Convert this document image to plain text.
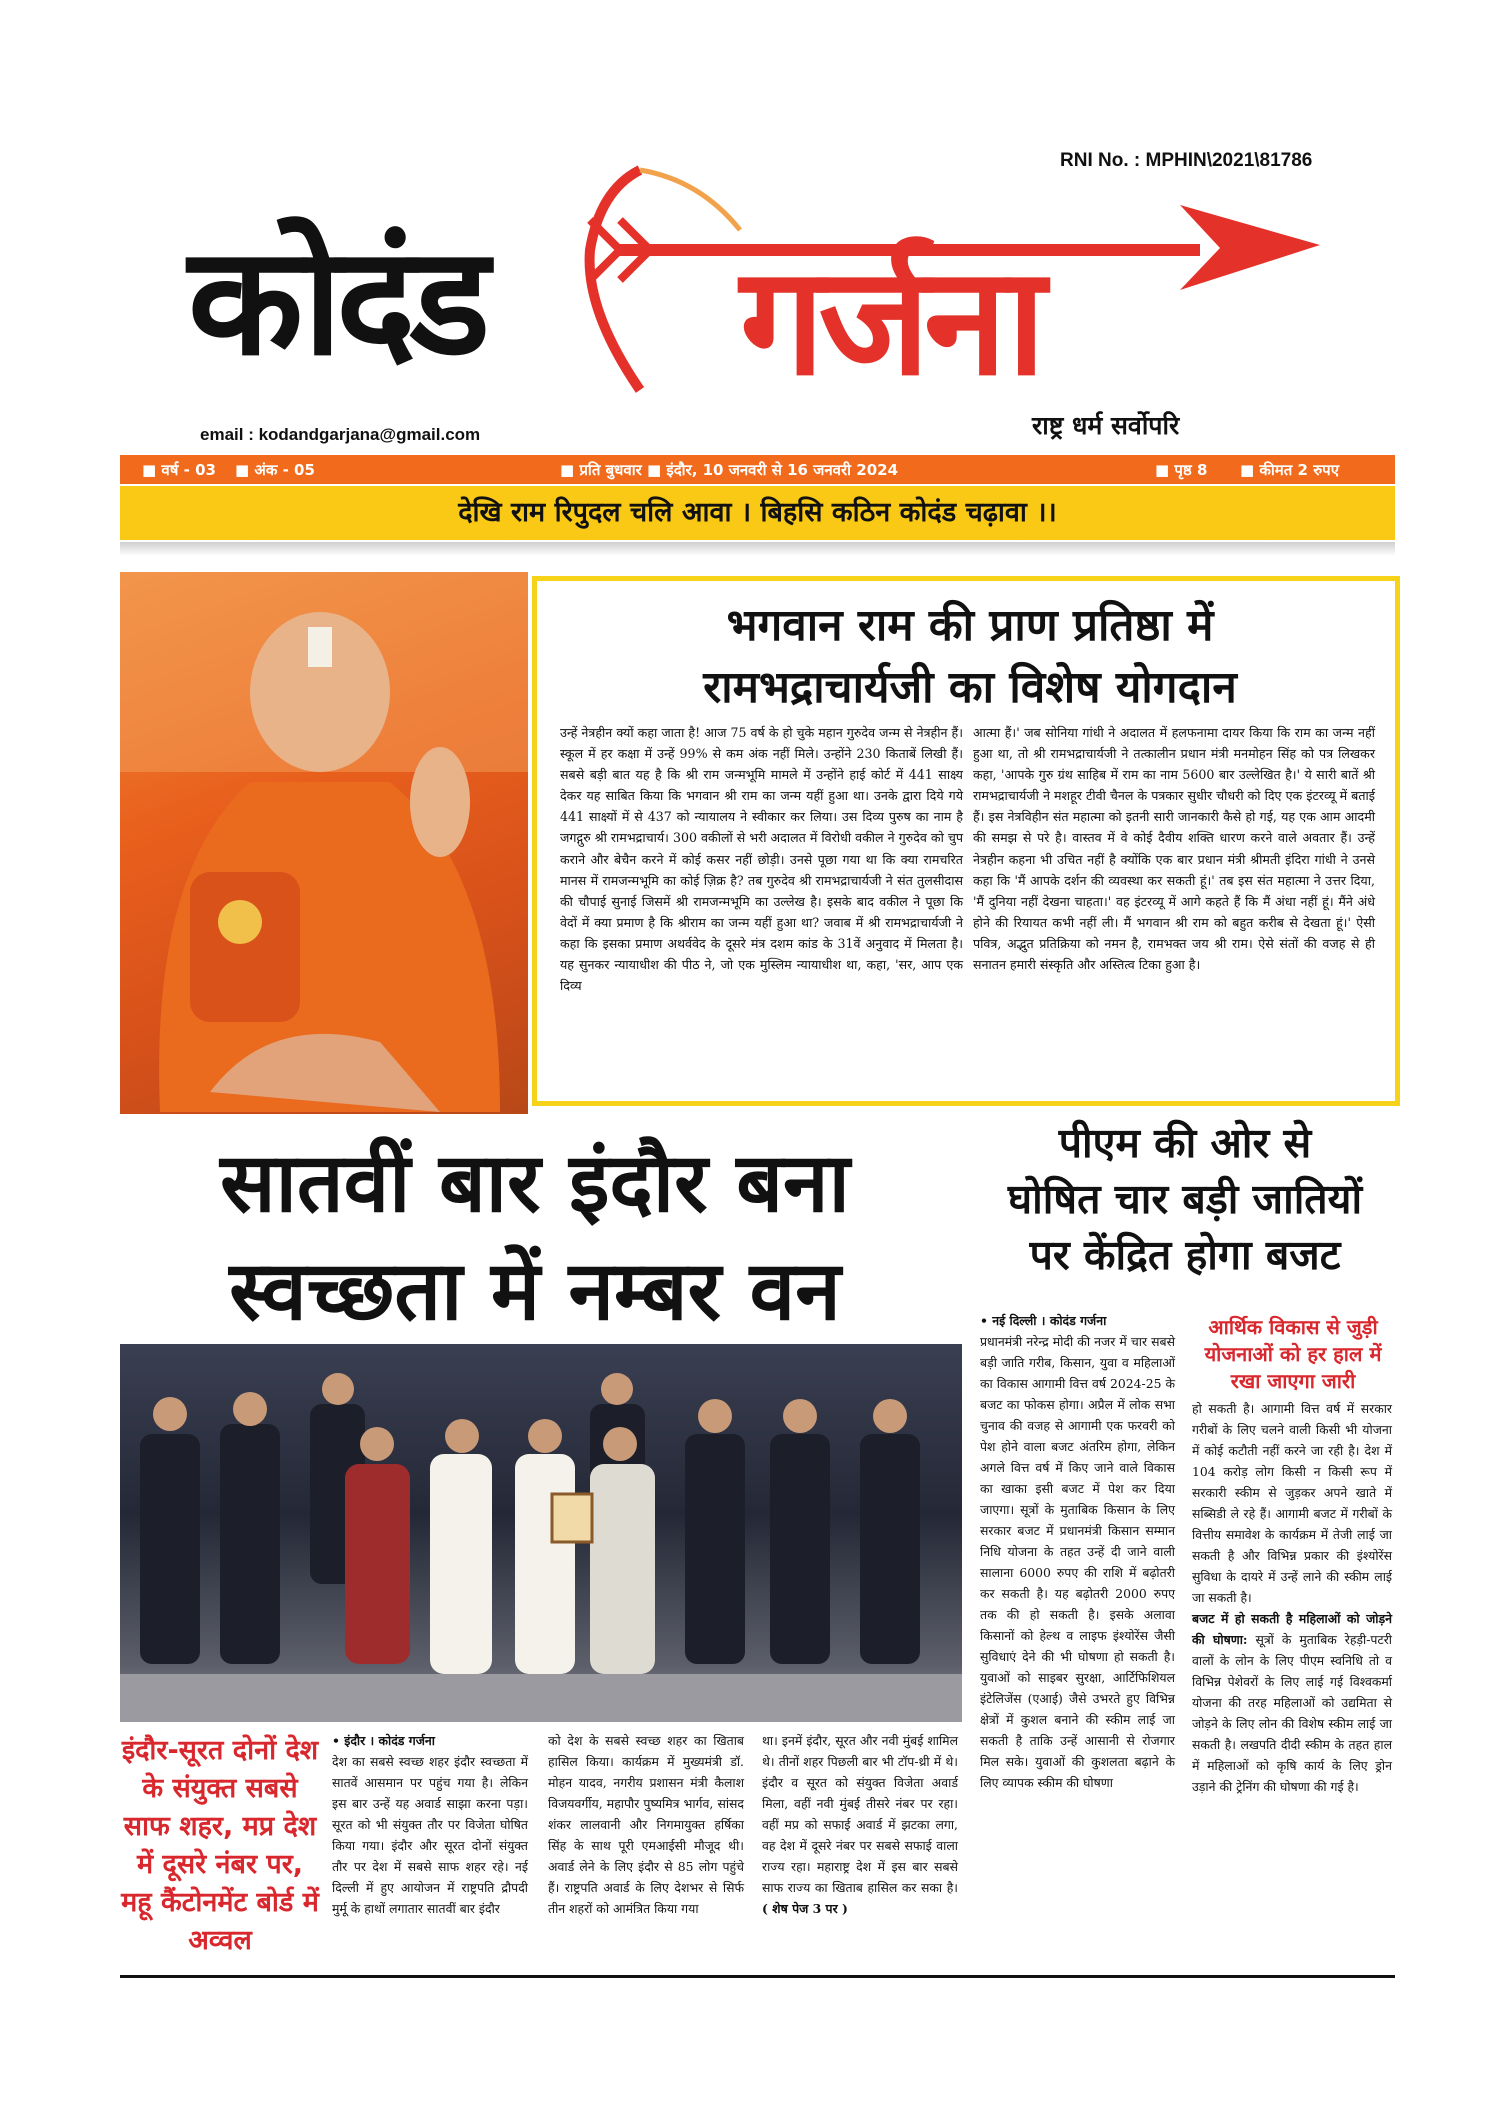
RNI No. : MPHIN\2021\81786
कोदंड गर्जना
राष्ट्र धर्म सर्वोपरि
email : kodandgarjana@gmail.com
■ वर्ष - 03 ■ अंक - 05	■ प्रति बुधवार ■ इंदौर, 10 जनवरी से 16 जनवरी 2024	■ पृष्ठ 8 ■ कीमत 2 रुपए
देखि राम रिपुदल चलि आवा । बिहसि कठिन कोदंड चढ़ावा ।।
भगवान राम की प्राण प्रतिष्ठा में
रामभद्राचार्यजी का विशेष योगदान
उन्हें नेत्रहीन क्यों कहा जाता है! आज 75 वर्ष के हो चुके महान गुरुदेव जन्म से नेत्रहीन हैं। स्कूल में हर कक्षा में उन्हें 99% से कम अंक नहीं मिले। उन्होंने 230 किताबें लिखी हैं। सबसे बड़ी बात यह है कि श्री राम जन्मभूमि मामले में उन्होंने हाई कोर्ट में 441 साक्ष्य देकर यह साबित किया कि भगवान श्री राम का जन्म यहीं हुआ था। उनके द्वारा दिये गये 441 साक्ष्यों में से 437 को न्यायालय ने स्वीकार कर लिया। उस दिव्य पुरुष का नाम है जगद्गुरु श्री रामभद्राचार्य। 300 वकीलों से भरी अदालत में विरोधी वकील ने गुरुदेव को चुप कराने और बेचैन करने में कोई कसर नहीं छोड़ी। उनसे पूछा गया था कि क्या रामचरित मानस में रामजन्मभूमि का कोई ज़िक्र है? तब गुरुदेव श्री रामभद्राचार्यजी ने संत तुलसीदास की चौपाई सुनाई जिसमें श्री रामजन्मभूमि का उल्लेख है। इसके बाद वकील ने पूछा कि वेदों में क्या प्रमाण है कि श्रीराम का जन्म यहीं हुआ था? जवाब में श्री रामभद्राचार्यजी ने कहा कि इसका प्रमाण अथर्ववेद के दूसरे मंत्र दशम कांड के 31वें अनुवाद में मिलता है। यह सुनकर न्यायाधीश की पीठ ने, जो एक मुस्लिम न्यायाधीश था, कहा, 'सर, आप एक दिव्य
आत्मा हैं।' जब सोनिया गांधी ने अदालत में हलफनामा दायर किया कि राम का जन्म नहीं हुआ था, तो श्री रामभद्राचार्यजी ने तत्कालीन प्रधान मंत्री मनमोहन सिंह को पत्र लिखकर कहा, 'आपके गुरु ग्रंथ साहिब में राम का नाम 5600 बार उल्लेखित है।' ये सारी बातें श्री रामभद्राचार्यजी ने मशहूर टीवी चैनल के पत्रकार सुधीर चौधरी को दिए एक इंटरव्यू में बताई हैं। इस नेत्रविहीन संत महात्मा को इतनी सारी जानकारी कैसे हो गई, यह एक आम आदमी की समझ से परे है। वास्तव में वे कोई दैवीय शक्ति धारण करने वाले अवतार हैं। उन्हें नेत्रहीन कहना भी उचित नहीं है क्योंकि एक बार प्रधान मंत्री श्रीमती इंदिरा गांधी ने उनसे कहा कि 'मैं आपके दर्शन की व्यवस्था कर सकती हूं।' तब इस संत महात्मा ने उत्तर दिया, 'मैं दुनिया नहीं देखना चाहता।' वह इंटरव्यू में आगे कहते हैं कि मैं अंधा नहीं हूं। मैंने अंधे होने की रियायत कभी नहीं ली। मैं भगवान श्री राम को बहुत करीब से देखता हूं।' ऐसी पवित्र, अद्भुत प्रतिक्रिया को नमन है, रामभक्त जय श्री राम। ऐसे संतों की वजह से ही सनातन हमारी संस्कृति और अस्तित्व टिका हुआ है।
सातवीं बार इंदौर बना
स्वच्छता में नम्बर वन
इंदौर-सूरत दोनों देश के संयुक्त सबसे साफ शहर, मप्र देश में दूसरे नंबर पर, महू कैंटोनमेंट बोर्ड में अव्वल
• इंदौर । कोदंड गर्जना
देश का सबसे स्वच्छ शहर इंदौर स्वच्छता में सातवें आसमान पर पहुंच गया है। लेकिन इस बार उन्हें यह अवार्ड साझा करना पड़ा। सूरत को भी संयुक्त तौर पर विजेता घोषित किया गया। इंदौर और सूरत दोनों संयुक्त तौर पर देश में सबसे साफ शहर रहे। नई दिल्ली में हुए आयोजन में राष्ट्रपति द्रौपदी मुर्मू के हाथों लगातार सातवीं बार इंदौर
को देश के सबसे स्वच्छ शहर का खिताब हासिल किया। कार्यक्रम में मुख्यमंत्री डॉ. मोहन यादव, नगरीय प्रशासन मंत्री कैलाश विजयवर्गीय, महापौर पुष्यमित्र भार्गव, सांसद शंकर लालवानी और निगमायुक्त हर्षिका सिंह के साथ पूरी एमआईसी मौजूद थी। अवार्ड लेने के लिए इंदौर से 85 लोग पहुंचे हैं। राष्ट्रपति अवार्ड के लिए देशभर से सिर्फ तीन शहरों को आमंत्रित किया गया
था। इनमें इंदौर, सूरत और नवी मुंबई शामिल थे। तीनों शहर पिछली बार भी टॉप-थ्री में थे। इंदौर व सूरत को संयुक्त विजेता अवार्ड मिला, वहीं नवी मुंबई तीसरे नंबर पर रहा। वहीं मप्र को सफाई अवार्ड में झटका लगा, वह देश में दूसरे नंबर पर सबसे सफाई वाला राज्य रहा। महाराष्ट्र देश में इस बार सबसे साफ राज्य का खिताब हासिल कर सका है। ( शेष पेज 3 पर )
पीएम की ओर से
घोषित चार बड़ी जातियों
पर केंद्रित होगा बजट
• नई दिल्ली । कोदंड गर्जना
प्रधानमंत्री नरेन्द्र मोदी की नजर में चार सबसे बड़ी जाति गरीब, किसान, युवा व महिलाओं का विकास आगामी वित्त वर्ष 2024-25 के बजट का फोकस होगा। अप्रैल में लोक सभा चुनाव की वजह से आगामी एक फरवरी को पेश होने वाला बजट अंतरिम होगा, लेकिन अगले वित्त वर्ष में किए जाने वाले विकास का खाका इसी बजट में पेश कर दिया जाएगा। सूत्रों के मुताबिक किसान के लिए सरकार बजट में प्रधानमंत्री किसान सम्मान निधि योजना के तहत उन्हें दी जाने वाली सालाना 6000 रुपए की राशि में बढ़ोतरी कर सकती है। यह बढ़ोतरी 2000 रुपए तक की हो सकती है। इसके अलावा किसानों को हेल्थ व लाइफ इंश्योरेंस जैसी सुविधाएं देने की भी घोषणा हो सकती है। युवाओं को साइबर सुरक्षा, आर्टिफिशियल इंटेलिजेंस (एआई) जैसे उभरते हुए विभिन्न क्षेत्रों में कुशल बनाने की स्कीम लाई जा सकती है ताकि उन्हें आसानी से रोजगार मिल सके। युवाओं की कुशलता बढ़ाने के लिए व्यापक स्कीम की घोषणा
आर्थिक विकास से जुड़ी योजनाओं को हर हाल में रखा जाएगा जारी
हो सकती है। आगामी वित्त वर्ष में सरकार गरीबों के लिए चलने वाली किसी भी योजना में कोई कटौती नहीं करने जा रही है। देश में 104 करोड़ लोग किसी न किसी रूप में सरकारी स्कीम से जुड़कर अपने खाते में सब्सिडी ले रहे हैं। आगामी बजट में गरीबों के वित्तीय समावेश के कार्यक्रम में तेजी लाई जा सकती है और विभिन्न प्रकार की इंश्योरेंस सुविधा के दायरे में उन्हें लाने की स्कीम लाई जा सकती है।
बजट में हो सकती है महिलाओं को जोड़ने की घोषणा: सूत्रों के मुताबिक रेहड़ी-पटरी वालों के लोन के लिए पीएम स्वनिधि तो व विभिन्न पेशेवरों के लिए लाई गई विश्वकर्मा योजना की तरह महिलाओं को उद्यमिता से जोड़ने के लिए लोन की विशेष स्कीम लाई जा सकती है। लखपति दीदी स्कीम के तहत हाल में महिलाओं को कृषि कार्य के लिए ड्रोन उड़ाने की ट्रेनिंग की घोषणा की गई है।
